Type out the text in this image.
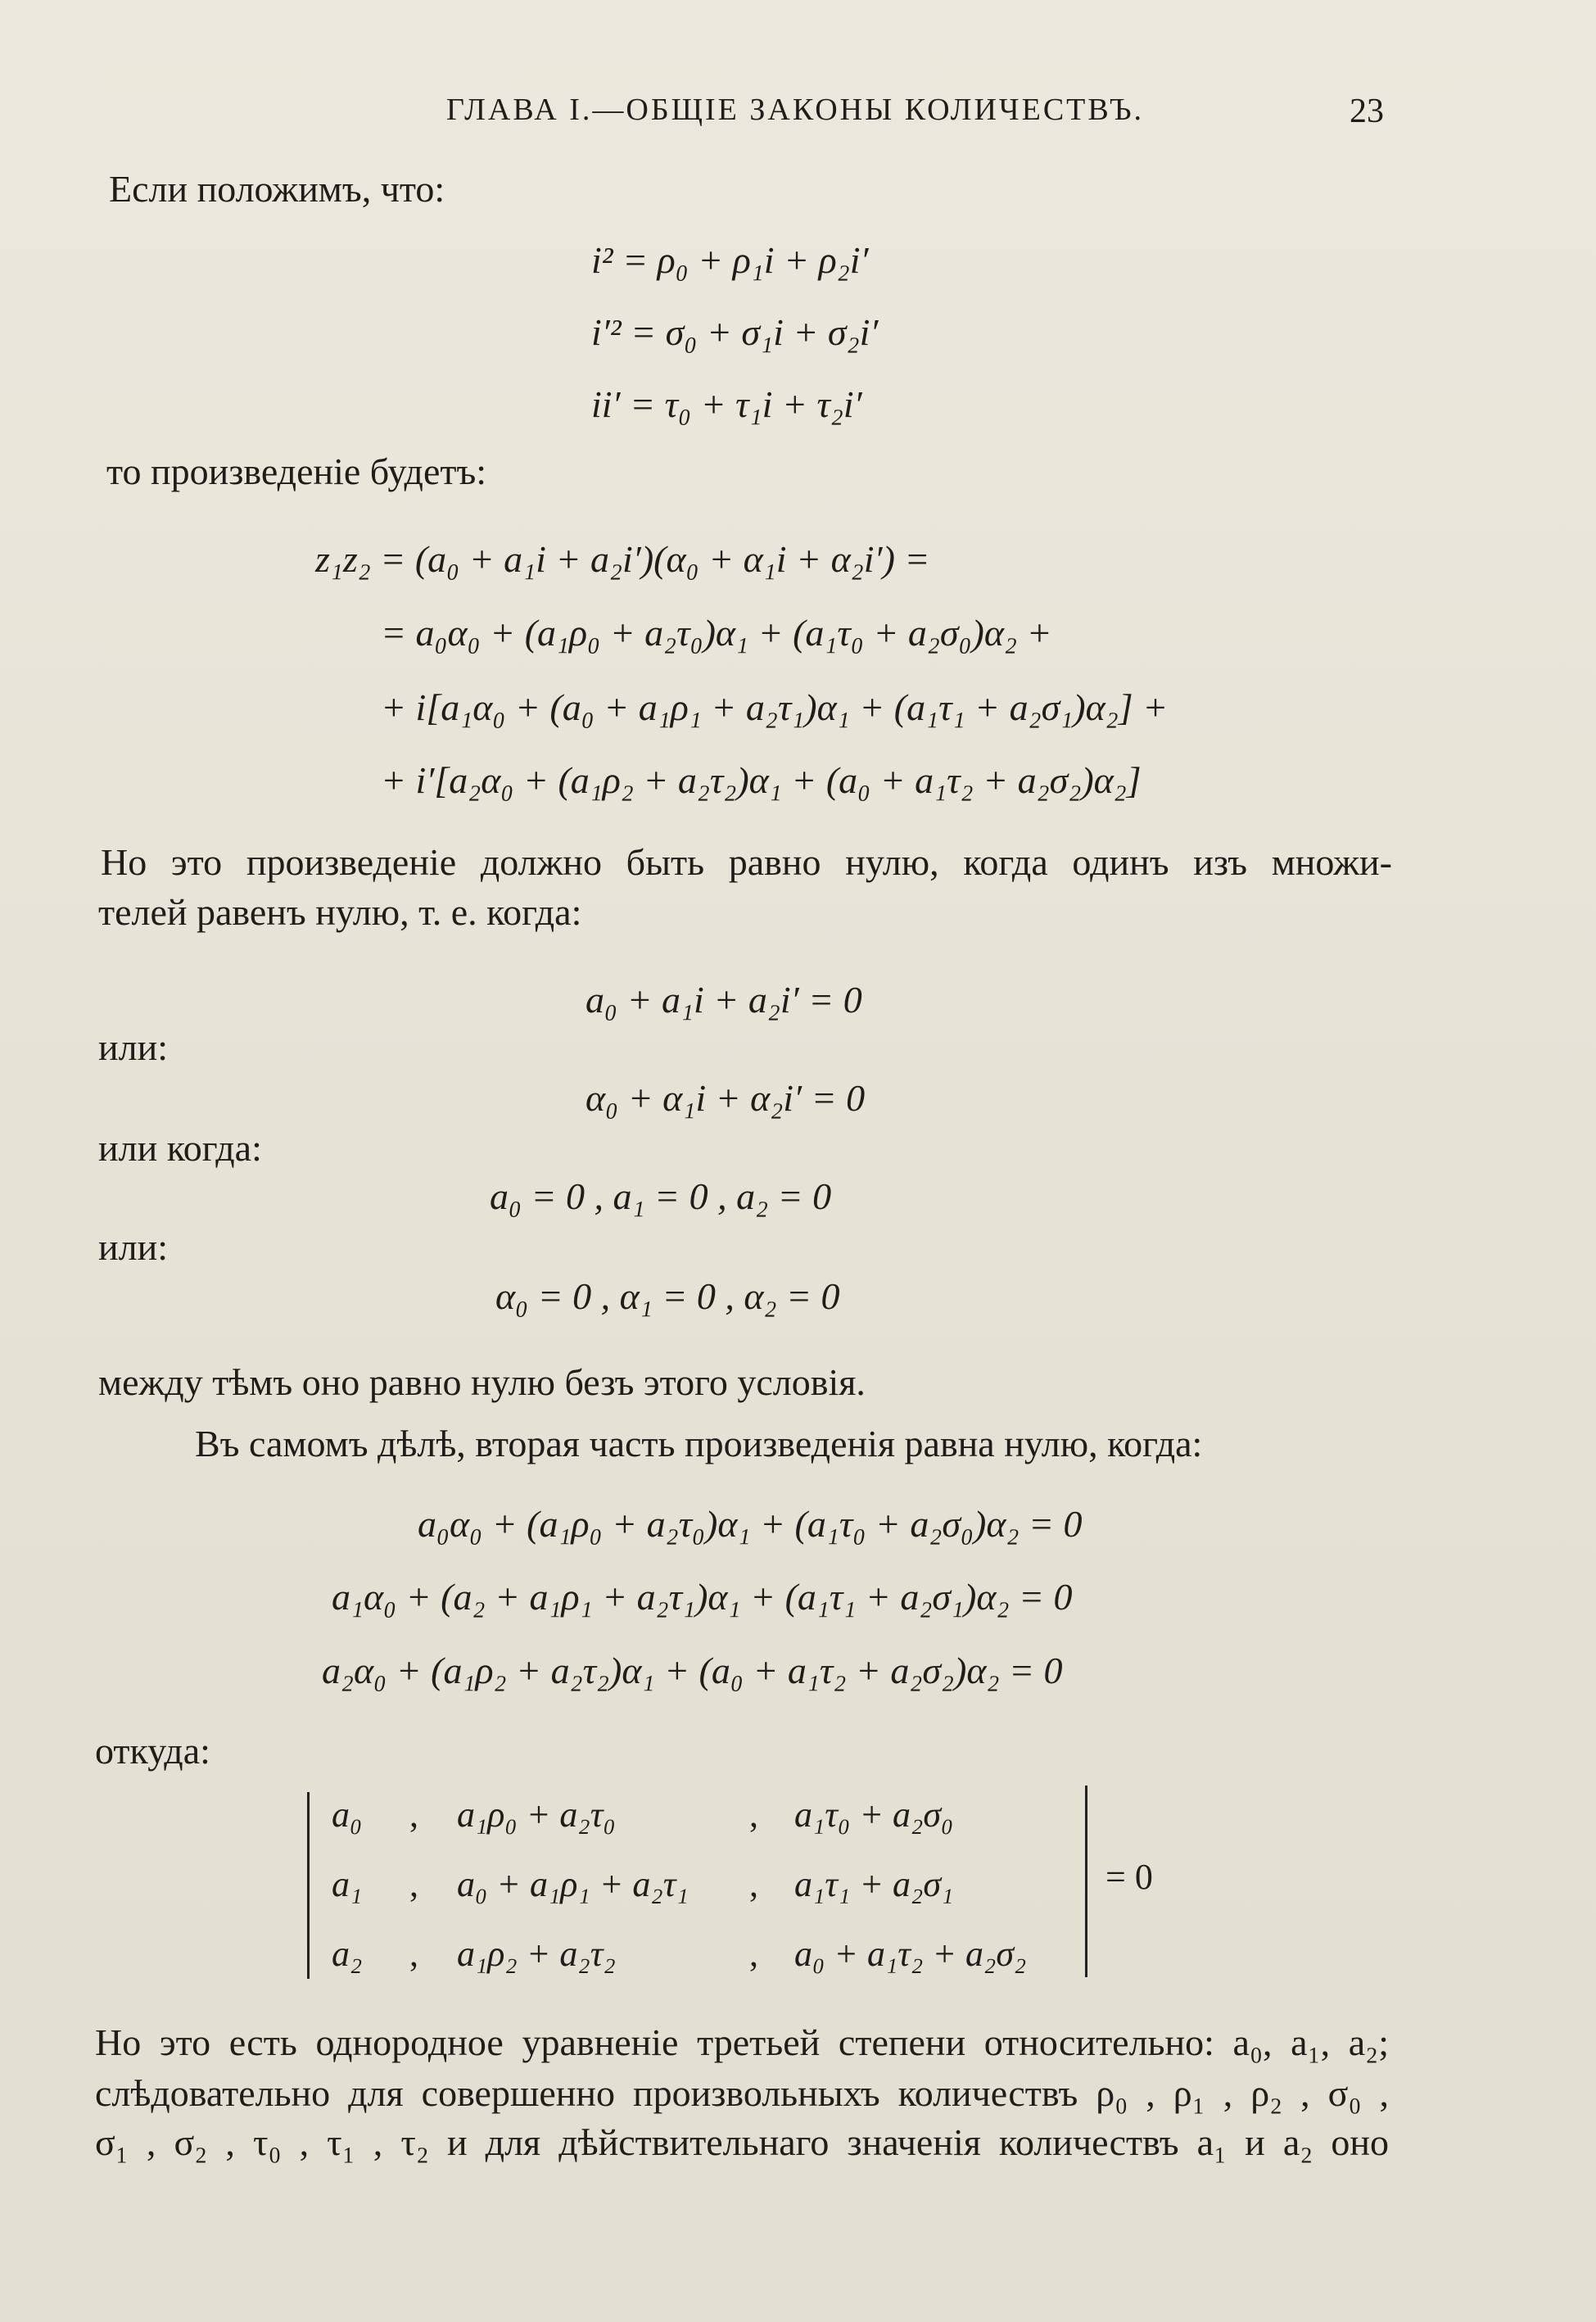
ГЛАВА I.—ОБЩІЕ ЗАКОНЫ КОЛИЧЕСТВЪ.	23
Если положимъ, что:
i² = ρ₀ + ρ₁i + ρ₂i′
i′² = σ₀ + σ₁i + σ₂i′
ii′ = τ₀ + τ₁i + τ₂i′
то произведеніе будетъ:
z₁z₂ = (a₀ + a₁i + a₂i′)(α₀ + α₁i + α₂i′) =
= a₀α₀ + (a₁ρ₀ + a₂τ₀)α₁ + (a₁τ₀ + a₂σ₀)α₂ +
+ i[a₁α₀ + (a₀ + a₁ρ₁ + a₂τ₁)α₁ + (a₁τ₁ + a₂σ₁)α₂] +
+ i′[a₂α₀ + (a₁ρ₂ + a₂τ₂)α₁ + (a₀ + a₁τ₂ + a₂σ₂)α₂]
Но это произведеніе должно быть равно нулю, когда одинъ изъ множи-
телей равенъ нулю, т. е. когда:
a₀ + a₁i + a₂i′ = 0
или:
α₀ + α₁i + α₂i′ = 0
или когда:
a₀ = 0 , a₁ = 0 , a₂ = 0
или:
α₀ = 0 , α₁ = 0 , α₂ = 0
между тѣмъ оно равно нулю безъ этого условія.
Въ самомъ дѣлѣ, вторая часть произведенія равна нулю, когда:
a₀α₀ + (a₁ρ₀ + a₂τ₀)α₁ + (a₁τ₀ + a₂σ₀)α₂ = 0
a₁α₀ + (a₂ + a₁ρ₁ + a₂τ₁)α₁ + (a₁τ₁ + a₂σ₁)α₂ = 0
a₂α₀ + (a₁ρ₂ + a₂τ₂)α₁ + (a₀ + a₁τ₂ + a₂σ₂)α₂ = 0
откуда:
a₀ , a₁ρ₀ + a₂τ₀	, a₁τ₀ + a₂σ₀
a₁ , a₀ + a₁ρ₁ + a₂τ₁ , a₁τ₁ + a₂σ₁
a₂ , a₁ρ₂ + a₂τ₂	, a₀ + a₁τ₂ + a₂σ₂
= 0
Но это есть однородное уравненіе третьей степени относительно: a₀, a₁, a₂;
слѣдовательно для совершенно произвольныхъ количествъ ρ₀ , ρ₁ , ρ₂ , σ₀ ,
σ₁ , σ₂ , τ₀ , τ₁ , τ₂ и для дѣйствительнаго значенія количествъ a₁ и a₂ оно
